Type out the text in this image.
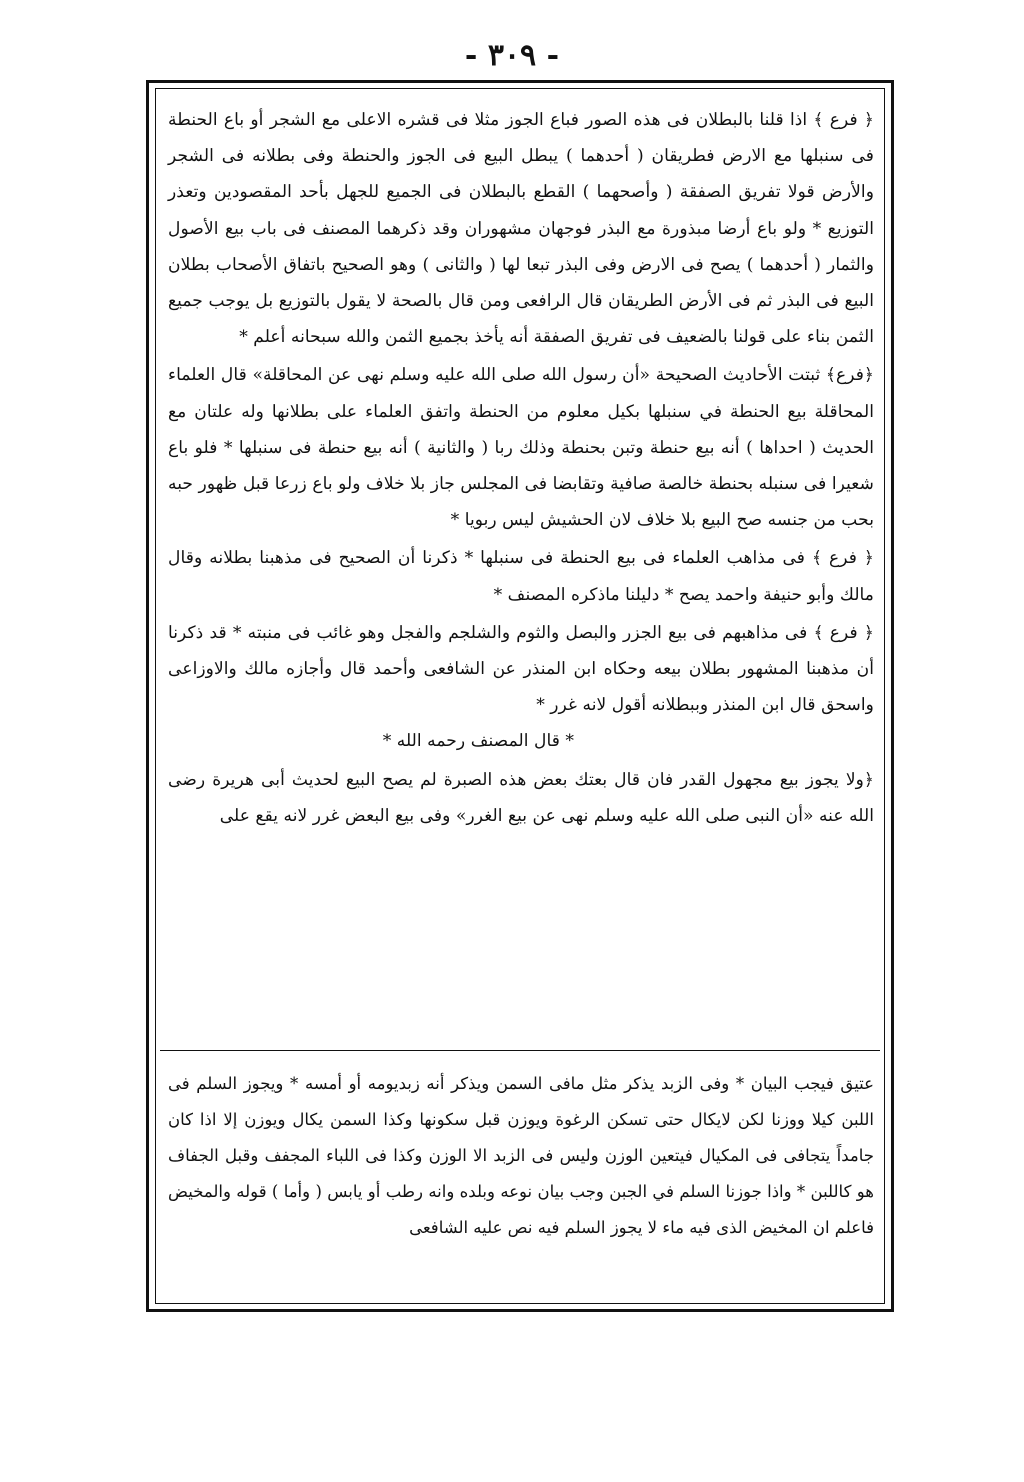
- ٣٠٩ -

﴿ فرع ﴾ اذا قلنا بالبطلان فى هذه الصور فباع الجوز مثلا فى قشره الاعلى مع الشجر أو باع الحنطة فى سنبلها مع الارض فطريقان ( أحدهما ) يبطل البيع فى الجوز والحنطة وفى بطلانه فى الشجر والأرض قولا تفريق الصفقة ( وأصحهما ) القطع بالبطلان فى الجميع للجهل بأحد المقصودين وتعذر التوزيع * ولو باع أرضا مبذورة مع البذر فوجهان مشهوران وقد ذكرهما المصنف فى باب بيع الأصول والثمار ( أحدهما ) يصح فى الارض وفى البذر تبعا لها ( والثانى ) وهو الصحيح باتفاق الأصحاب بطلان البيع فى البذر ثم فى الأرض الطريقان قال الرافعى ومن قال بالصحة لا يقول بالتوزيع بل يوجب جميع الثمن بناء على قولنا بالضعيف فى تفريق الصفقة أنه يأخذ بجميع الثمن والله سبحانه أعلم *

﴿فرع﴾ ثبتت الأحاديث الصحيحة «أن رسول الله صلى الله عليه وسلم نهى عن المحاقلة» قال العلماء المحاقلة بيع الحنطة في سنبلها بكيل معلوم من الحنطة واتفق العلماء على بطلانها وله علتان مع الحديث ( احداها ) أنه بيع حنطة وتبن بحنطة وذلك ربا ( والثانية ) أنه بيع حنطة فى سنبلها * فلو باع شعيرا فى سنبله بحنطة خالصة صافية وتقابضا فى المجلس جاز بلا خلاف ولو باع زرعا قبل ظهور حبه بحب من جنسه صح البيع بلا خلاف لان الحشيش ليس ربويا *

﴿ فرع ﴾ فى مذاهب العلماء فى بيع الحنطة فى سنبلها * ذكرنا أن الصحيح فى مذهبنا بطلانه وقال مالك وأبو حنيفة واحمد يصح * دليلنا ماذكره المصنف *

﴿ فرع ﴾ فى مذاهبهم فى بيع الجزر والبصل والثوم والشلجم والفجل وهو غائب فى منبته * قد ذكرنا أن مذهبنا المشهور بطلان بيعه وحكاه ابن المنذر عن الشافعى وأحمد قال وأجازه مالك والاوزاعى واسحق قال ابن المنذر وببطلانه أقول لانه غرر *

* قال المصنف رحمه الله *

﴿ولا يجوز بيع مجهول القدر فان قال بعتك بعض هذه الصبرة لم يصح البيع لحديث أبى هريرة رضى الله عنه «أن النبى صلى الله عليه وسلم نهى عن بيع الغرر» وفى بيع البعض غرر لانه يقع على

عتيق فيجب البيان * وفى الزبد يذكر مثل مافى السمن ويذكر أنه زبديومه أو أمسه * ويجوز السلم فى اللبن كيلا ووزنا لكن لايكال حتى تسكن الرغوة ويوزن قبل سكونها وكذا السمن يكال ويوزن إلا اذا كان جامداً يتجافى فى المكيال فيتعين الوزن وليس فى الزبد الا الوزن وكذا فى اللباء المجفف وقبل الجفاف هو كاللبن * واذا جوزنا السلم في الجبن وجب بيان نوعه وبلده وانه رطب أو يابس ( وأما ) قوله والمخيض فاعلم ان المخيض الذى فيه ماء لا يجوز السلم فيه نص عليه الشافعى
